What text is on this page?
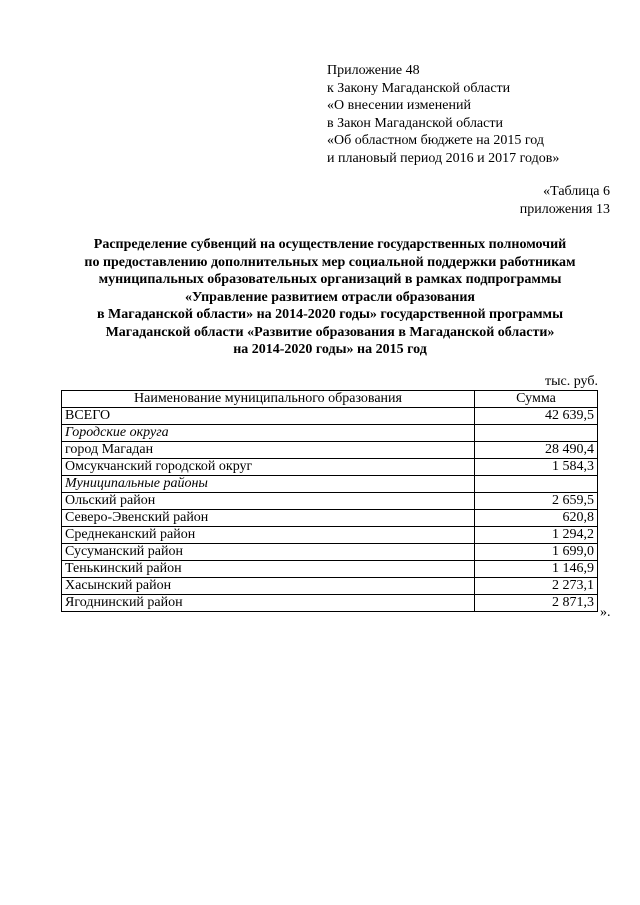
Приложение 48
к Закону Магаданской области
«О внесении изменений
в Закон Магаданской области
«Об областном бюджете на 2015 год
и плановый период 2016 и 2017 годов»
«Таблица 6
приложения 13
Распределение субвенций на осуществление государственных полномочий
по предоставлению дополнительных мер социальной поддержки работникам
муниципальных образовательных организаций в рамках подпрограммы
«Управление развитием отрасли образования
в Магаданской области» на 2014-2020 годы» государственной программы
Магаданской области «Развитие образования в Магаданской области»
на 2014-2020 годы» на 2015 год
тыс. руб.
Наименование муниципального образования	Сумма
ВСЕГО	42 639,5
Городские округа	
город Магадан	28 490,4
Омсукчанский городской округ	1 584,3
Муниципальные районы	
Ольский район	2 659,5
Северо-Эвенский район	620,8
Среднеканский район	1 294,2
Сусуманский район	1 699,0
Тенькинский район	1 146,9
Хасынский район	2 273,1
Ягоднинский район	2 871,3
».
